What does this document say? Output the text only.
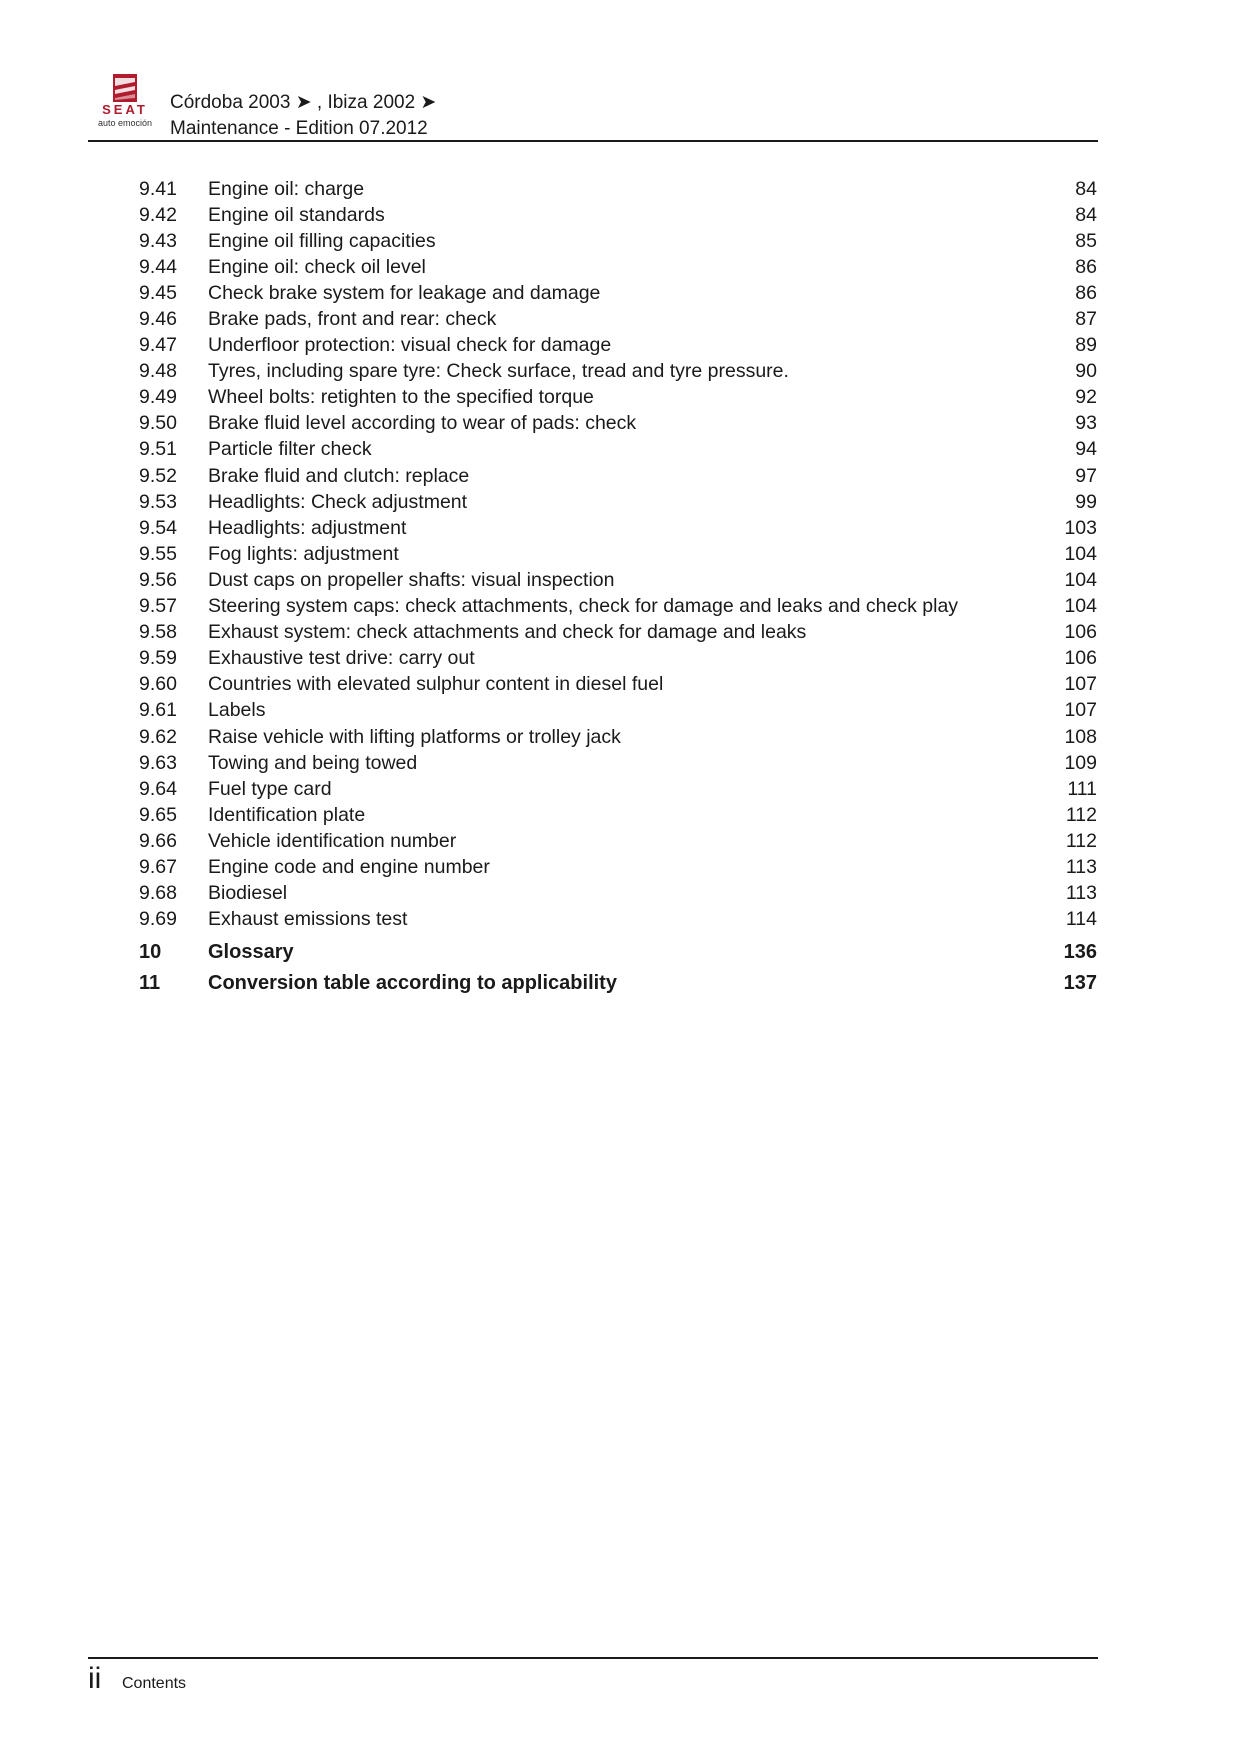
SEAT
auto emoción
Córdoba 2003 ➤ , Ibiza 2002 ➤
Maintenance - Edition 07.2012
9.41	Engine oil: charge	84
9.42	Engine oil standards	84
9.43	Engine oil filling capacities	85
9.44	Engine oil: check oil level	86
9.45	Check brake system for leakage and damage	86
9.46	Brake pads, front and rear: check	87
9.47	Underfloor protection: visual check for damage	89
9.48	Tyres, including spare tyre: Check surface, tread and tyre pressure.	90
9.49	Wheel bolts: retighten to the specified torque	92
9.50	Brake fluid level according to wear of pads: check	93
9.51	Particle filter check	94
9.52	Brake fluid and clutch: replace	97
9.53	Headlights: Check adjustment	99
9.54	Headlights: adjustment	103
9.55	Fog lights: adjustment	104
9.56	Dust caps on propeller shafts: visual inspection	104
9.57	Steering system caps: check attachments, check for damage and leaks and check play	104
9.58	Exhaust system: check attachments and check for damage and leaks	106
9.59	Exhaustive test drive: carry out	106
9.60	Countries with elevated sulphur content in diesel fuel	107
9.61	Labels	107
9.62	Raise vehicle with lifting platforms or trolley jack	108
9.63	Towing and being towed	109
9.64	Fuel type card	111
9.65	Identification plate	112
9.66	Vehicle identification number	112
9.67	Engine code and engine number	113
9.68	Biodiesel	113
9.69	Exhaust emissions test	114
10	Glossary	136
11	Conversion table according to applicability	137
ii Contents
